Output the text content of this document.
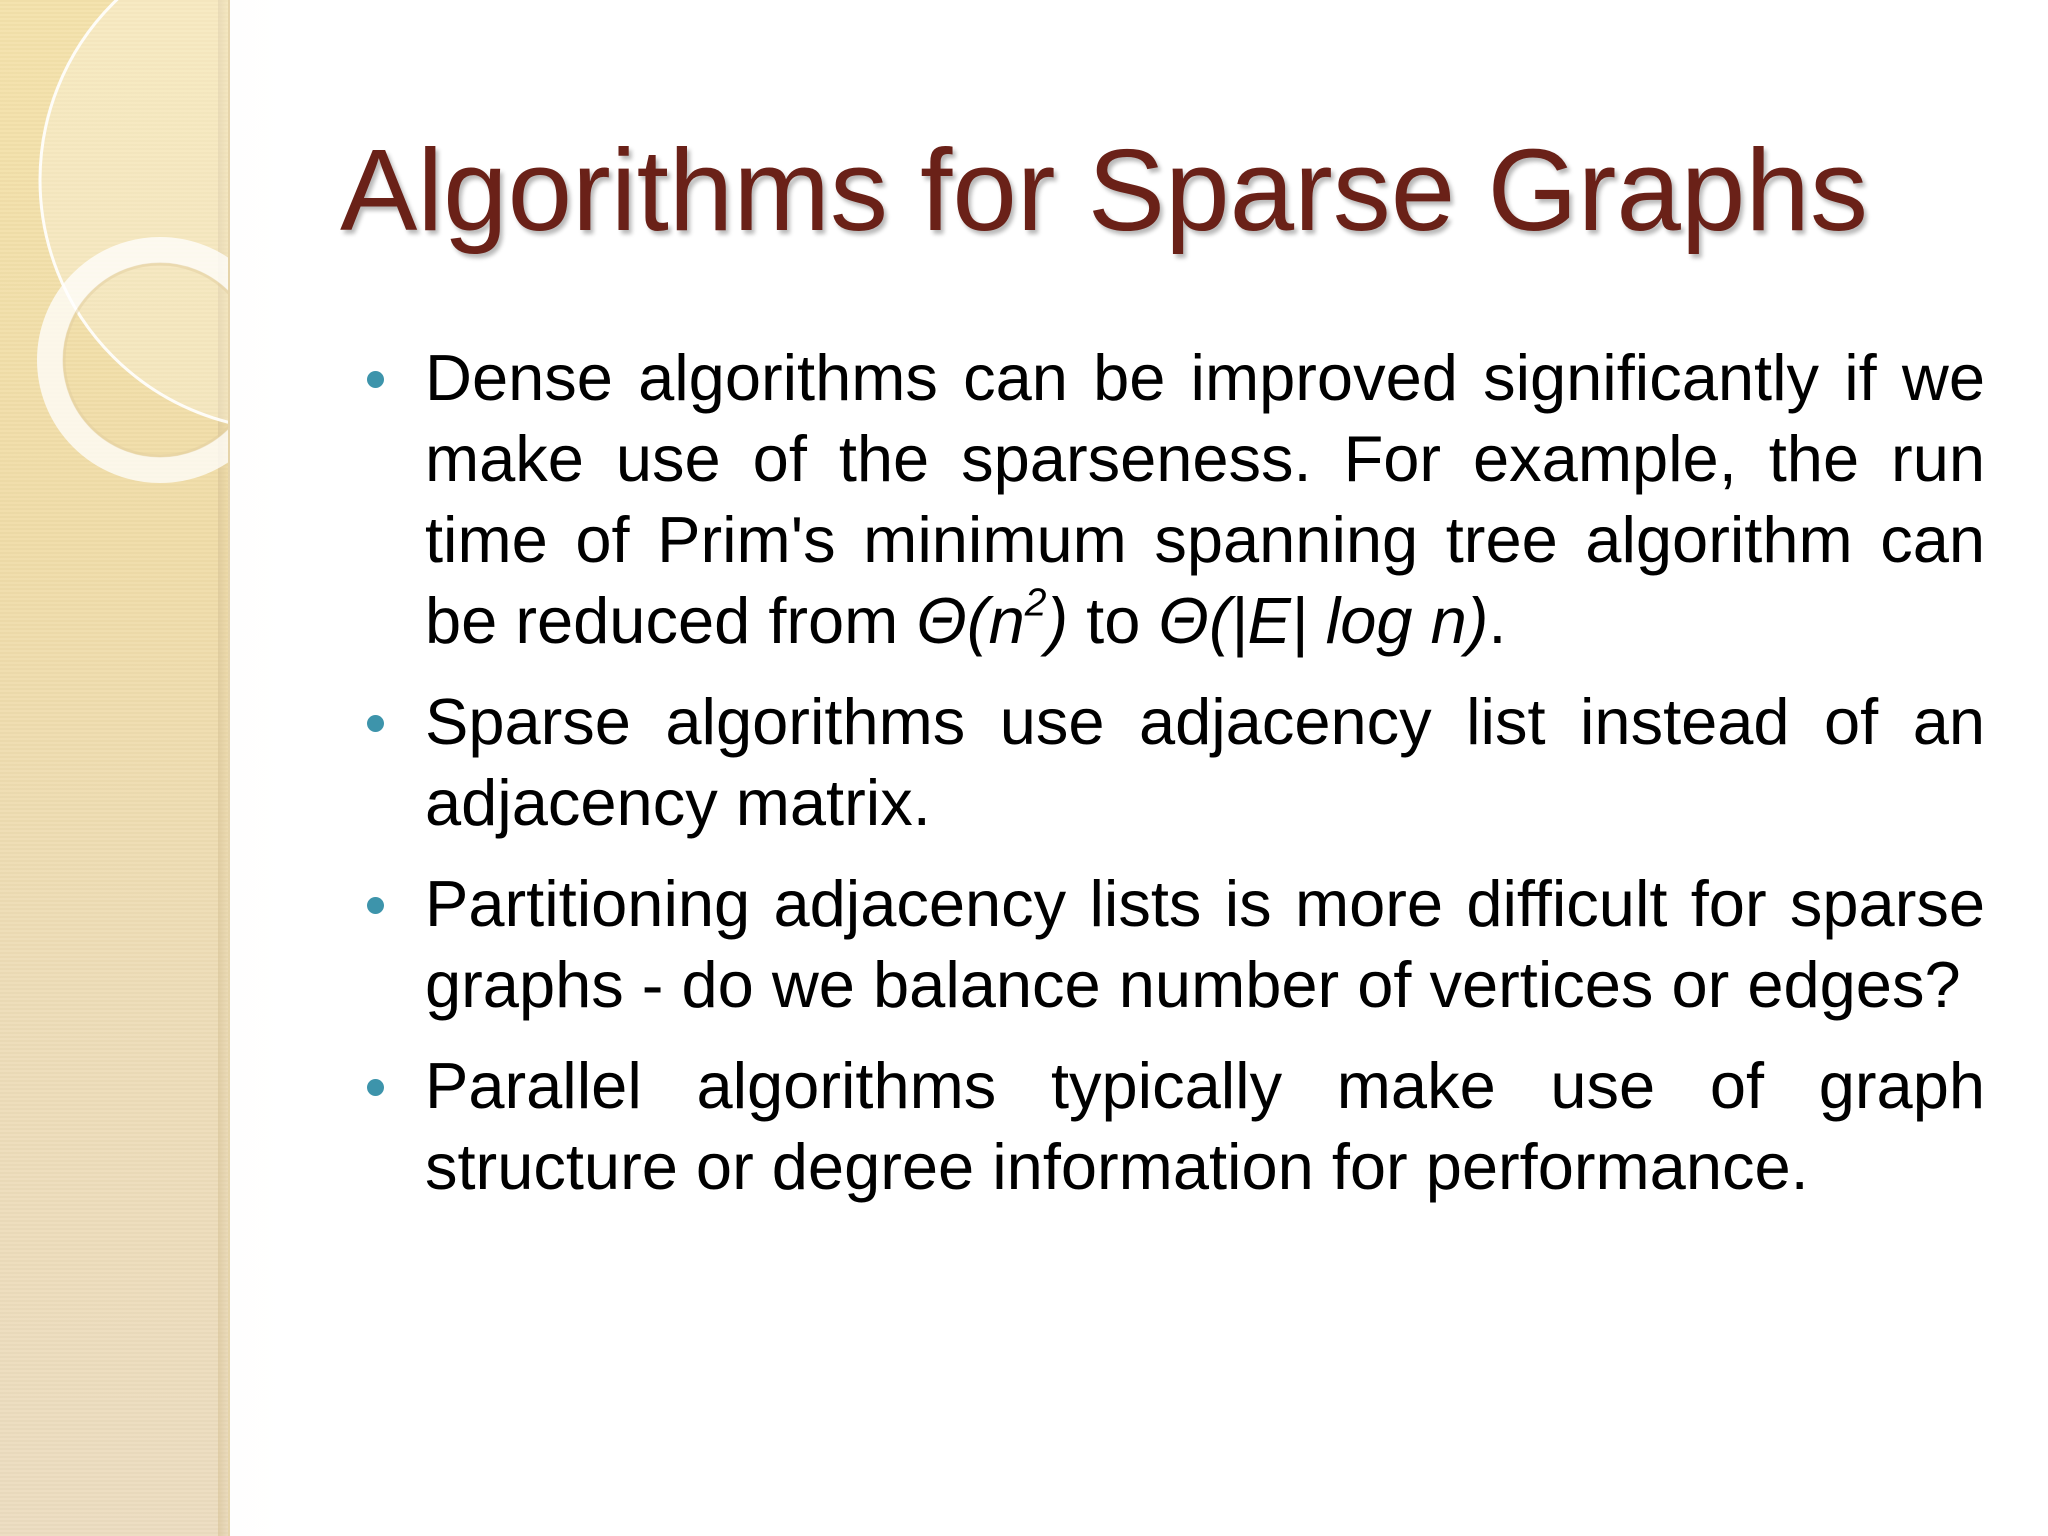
Algorithms for Sparse Graphs
Dense algorithms can be improved significantly if we make use of the sparseness. For example, the run time of Prim's minimum spanning tree algorithm can be reduced from $\Theta(n^2)$ to Θ(|E| log n).
Sparse algorithms use adjacency list instead of an adjacency matrix.
Partitioning adjacency lists is more difficult for sparse graphs - do we balance number of vertices or edges?
Parallel algorithms typically make use of graph structure or degree information for performance.
